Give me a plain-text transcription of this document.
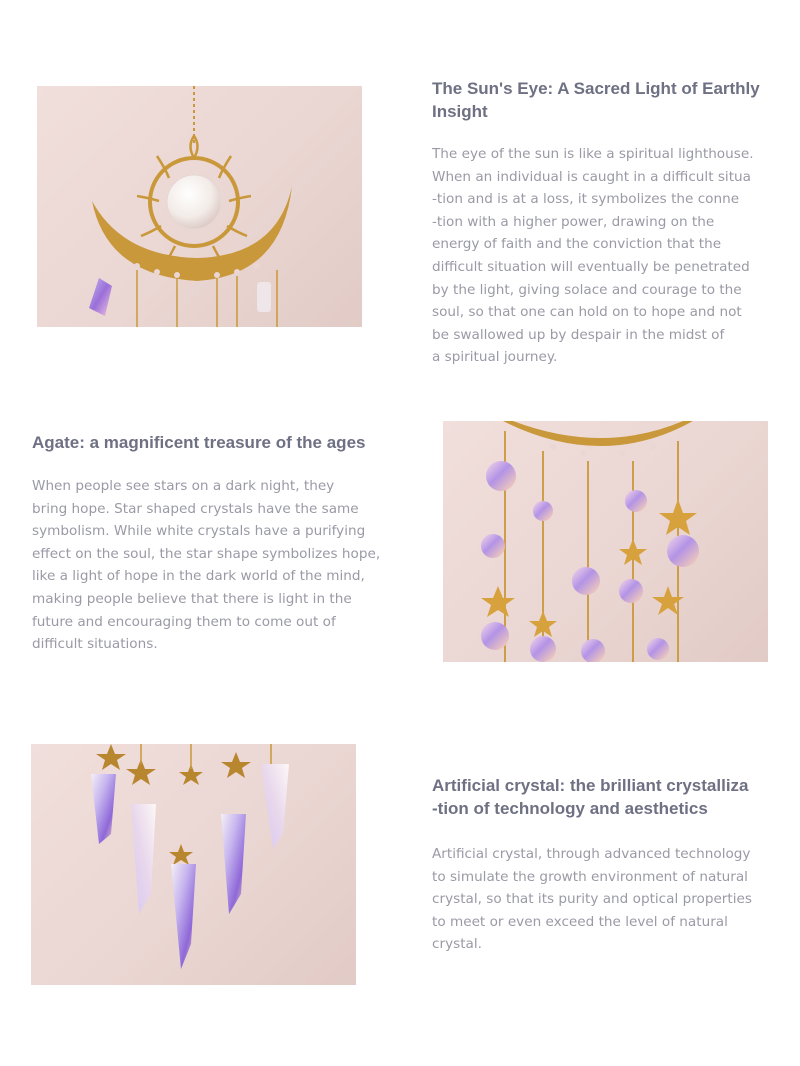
The Sun's Eye: A Sacred Light of Earthly
Insight

The eye of the sun is like a spiritual lighthouse.
When an individual is caught in a difficult situa
-tion and is at a loss, it symbolizes the conne
-tion with a higher power, drawing on the
energy of faith and the conviction that the
difficult situation will eventually be penetrated
by the light, giving solace and courage to the
soul, so that one can hold on to hope and not
be swallowed up by despair in the midst of
a spiritual journey.

Agate: a magnificent treasure of the ages

When people see stars on a dark night, they
bring hope. Star shaped crystals have the same
symbolism. While white crystals have a purifying
effect on the soul, the star shape symbolizes hope,
like a light of hope in the dark world of the mind,
making people believe that there is light in the
future and encouraging them to come out of
difficult situations.

Artificial crystal: the brilliant crystalliza
-tion of technology and aesthetics

Artificial crystal, through advanced technology
to simulate the growth environment of natural
crystal, so that its purity and optical properties
to meet or even exceed the level of natural
crystal.
